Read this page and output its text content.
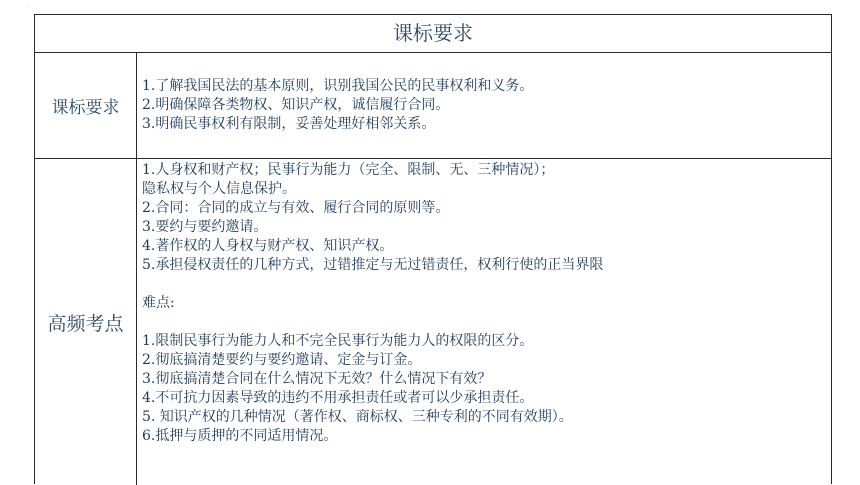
·
课标要求
课标要求
1.了解我国民法的基本原则，识别我国公民的民事权利和义务。
2.明确保障各类物权、知识产权，诚信履行合同。
3.明确民事权利有限制，妥善处理好相邻关系。
高频考点
1.人身权和财产权；民事行为能力（完全、限制、无、三种情况）；
隐私权与个人信息保护。
2.合同：合同的成立与有效、履行合同的原则等。
3.要约与要约邀请。
4.著作权的人身权与财产权、知识产权。
5.承担侵权责任的几种方式，过错推定与无过错责任，权利行使的正当界限
难点:
1.限制民事行为能力人和不完全民事行为能力人的权限的区分。
2.彻底搞清楚要约与要约邀请、定金与订金。
3.彻底搞清楚合同在什么情况下无效？什么情况下有效？
4.不可抗力因素导致的违约不用承担责任或者可以少承担责任。
5. 知识产权的几种情况（著作权、商标权、三种专利的不同有效期）。
6.抵押与质押的不同适用情况。
